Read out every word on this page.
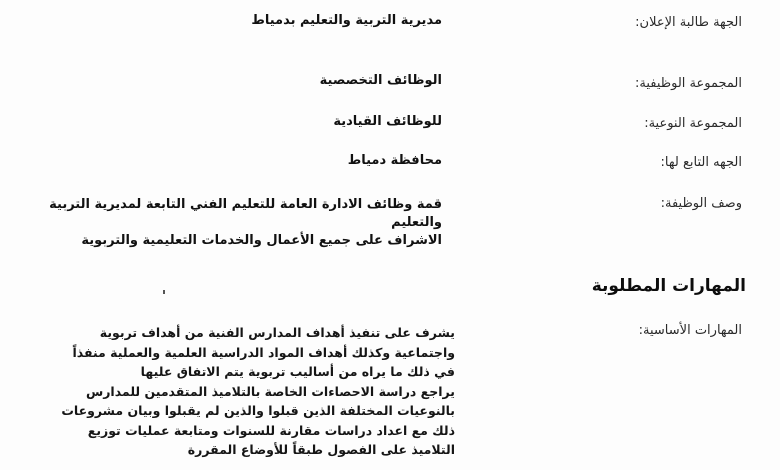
الجهة طالبة الإعلان:
مديرية التربية والتعليم بدمياط
المجموعة الوظيفية:
الوظائف التخصصية
المجموعة النوعية:
للوظائف القيادية
الجهه التابع لها:
محافظة دمياط
وصف الوظيفة:
قمة وظائف الادارة العامة للتعليم الفني التابعة لمديرية التربية
والتعليم
الاشراف على جميع الأعمال والخدمات التعليمية والتربوية
المهارات المطلوبة
المهارات الأساسية:
يشرف على تنفيذ أهداف المدارس الفنية من أهداف تربوية
واجتماعية وكذلك أهداف المواد الدراسية العلمية والعملية منفذاً
في ذلك ما يراه من أساليب تربوية يتم الاتفاق عليها
يراجع دراسة الاحصاءات الخاصة بالتلاميذ المتقدمين للمدارس
بالنوعيات المختلفة الذين قبلوا والذين لم يقبلوا وبيان مشروعات
ذلك مع اعداد دراسات مقارنة للسنوات ومتابعة عمليات توزيع
التلاميذ على الفصول طبقاً للأوضاع المقررة
